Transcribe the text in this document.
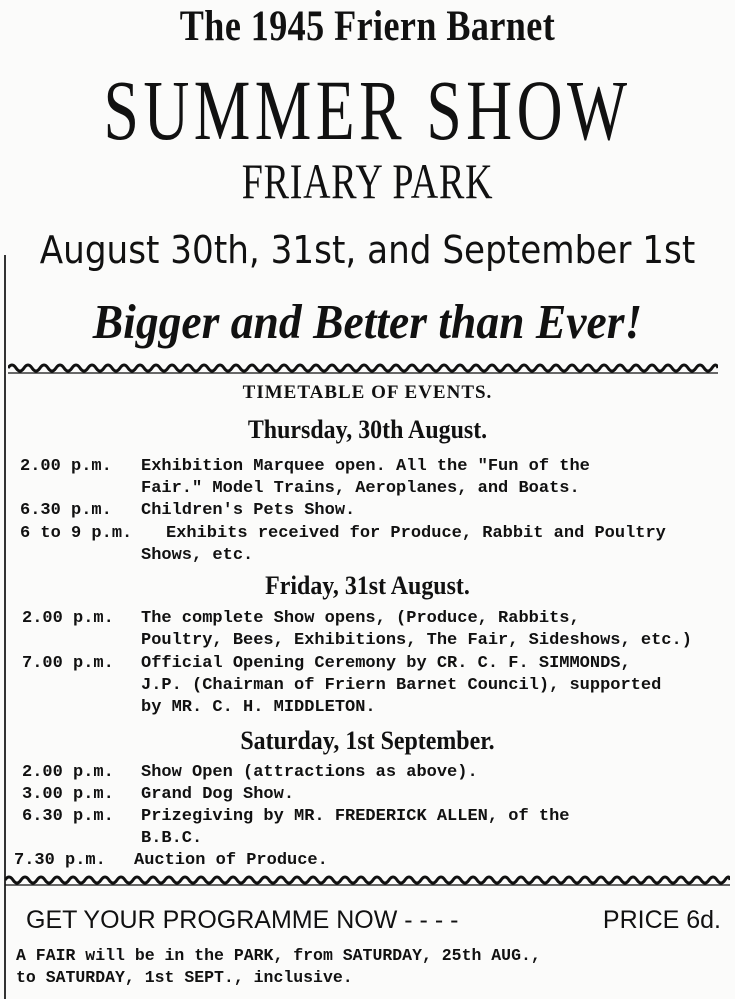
The 1945 Friern Barnet
SUMMER SHOW
FRIARY PARK
August 30th, 31st, and September 1st
Bigger and Better than Ever!
TIMETABLE OF EVENTS.
Thursday, 30th August.
2.00 p.m. Exhibition Marquee open. All the "Fun of the
Fair." Model Trains, Aeroplanes, and Boats.
6.30 p.m. Children's Pets Show.
6 to 9 p.m. Exhibits received for Produce, Rabbit and Poultry
Shows, etc.
Friday, 31st August.
2.00 p.m. The complete Show opens, (Produce, Rabbits,
Poultry, Bees, Exhibitions, The Fair, Sideshows, etc.)
7.00 p.m. Official Opening Ceremony by CR. C. F. SIMMONDS,
J.P. (Chairman of Friern Barnet Council), supported
by MR. C. H. MIDDLETON.
Saturday, 1st September.
2.00 p.m. Show Open (attractions as above).
3.00 p.m. Grand Dog Show.
6.30 p.m. Prizegiving by MR. FREDERICK ALLEN, of the
B.B.C.
7.30 p.m. Auction of Produce.
GET YOUR PROGRAMME NOW - - - -	PRICE 6d.
A FAIR will be in the PARK, from SATURDAY, 25th AUG.,
to SATURDAY, 1st SEPT., inclusive.
